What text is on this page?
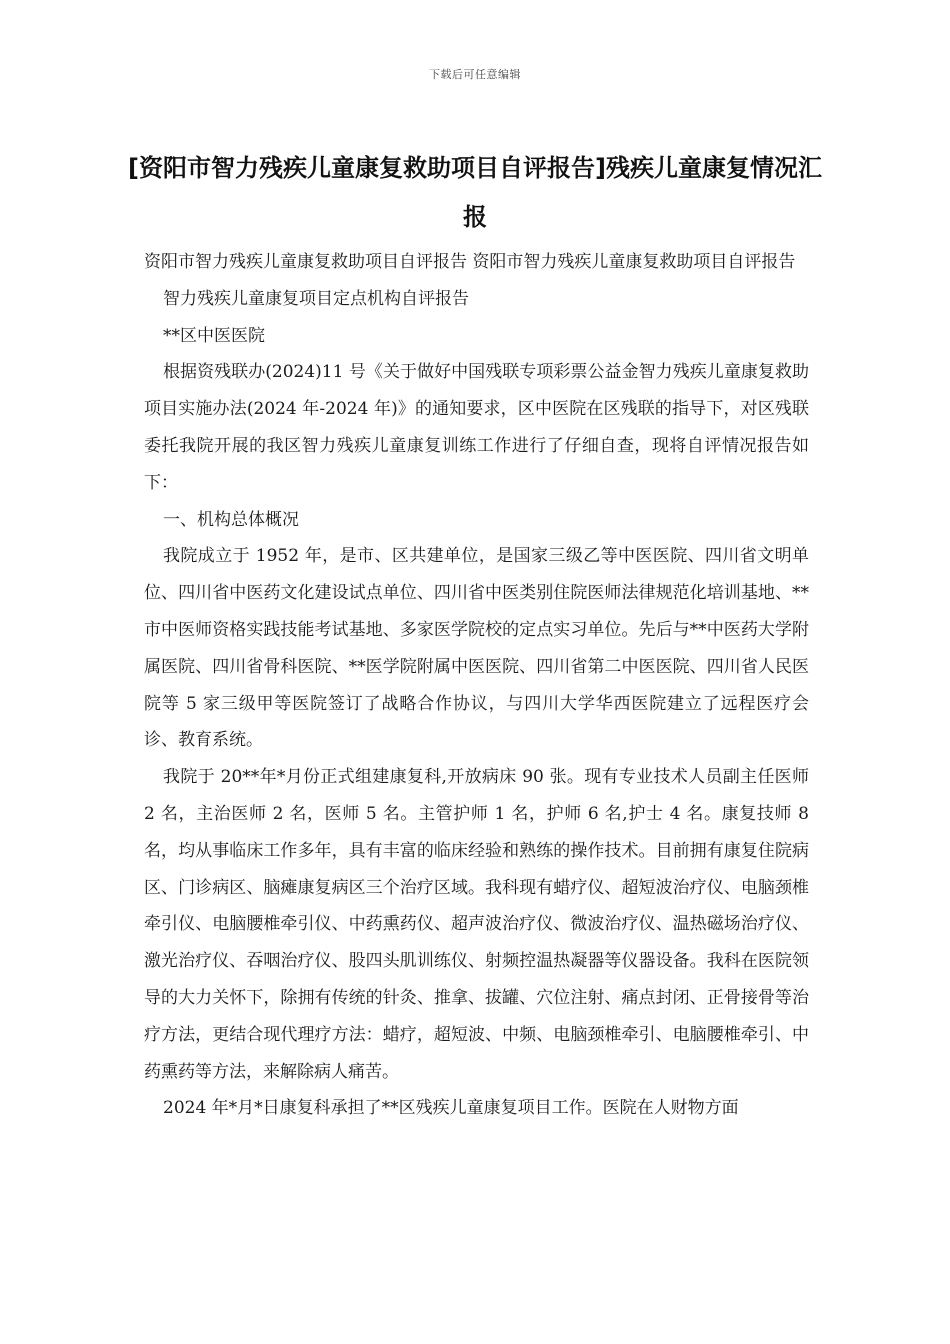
下载后可任意编辑
[资阳市智力残疾儿童康复救助项目自评报告]残疾儿童康复情况汇报

资阳市智力残疾儿童康复救助项目自评报告 资阳市智力残疾儿童康复救助项目自评报告

智力残疾儿童康复项目定点机构自评报告

**区中医医院

根据资残联办(2024)11 号《关于做好中国残联专项彩票公益金智力残疾儿童康复救助项目实施办法(2024 年-2024 年)》的通知要求，区中医院在区残联的指导下，对区残联委托我院开展的我区智力残疾儿童康复训练工作进行了仔细自查，现将自评情况报告如下：

一、机构总体概况

我院成立于 1952 年，是市、区共建单位，是国家三级乙等中医医院、四川省文明单位、四川省中医药文化建设试点单位、四川省中医类别住院医师法律规范化培训基地、**市中医师资格实践技能考试基地、多家医学院校的定点实习单位。先后与**中医药大学附属医院、四川省骨科医院、**医学院附属中医医院、四川省第二中医医院、四川省人民医院等 5 家三级甲等医院签订了战略合作协议，与四川大学华西医院建立了远程医疗会诊、教育系统。

我院于 20**年*月份正式组建康复科,开放病床 90 张。现有专业技术人员副主任医师 2 名，主治医师 2 名，医师 5 名。主管护师 1 名，护师 6 名,护士 4 名。康复技师 8 名，均从事临床工作多年，具有丰富的临床经验和熟练的操作技术。目前拥有康复住院病区、门诊病区、脑瘫康复病区三个治疗区域。我科现有蜡疗仪、超短波治疗仪、电脑颈椎牵引仪、电脑腰椎牵引仪、中药熏药仪、超声波治疗仪、微波治疗仪、温热磁场治疗仪、激光治疗仪、吞咽治疗仪、股四头肌训练仪、射频控温热凝器等仪器设备。我科在医院领导的大力关怀下，除拥有传统的针灸、推拿、拔罐、穴位注射、痛点封闭、正骨接骨等治疗方法，更结合现代理疗方法：蜡疗，超短波、中频、电脑颈椎牵引、电脑腰椎牵引、中药熏药等方法，来解除病人痛苦。

2024 年*月*日康复科承担了**区残疾儿童康复项目工作。医院在人财物方面
